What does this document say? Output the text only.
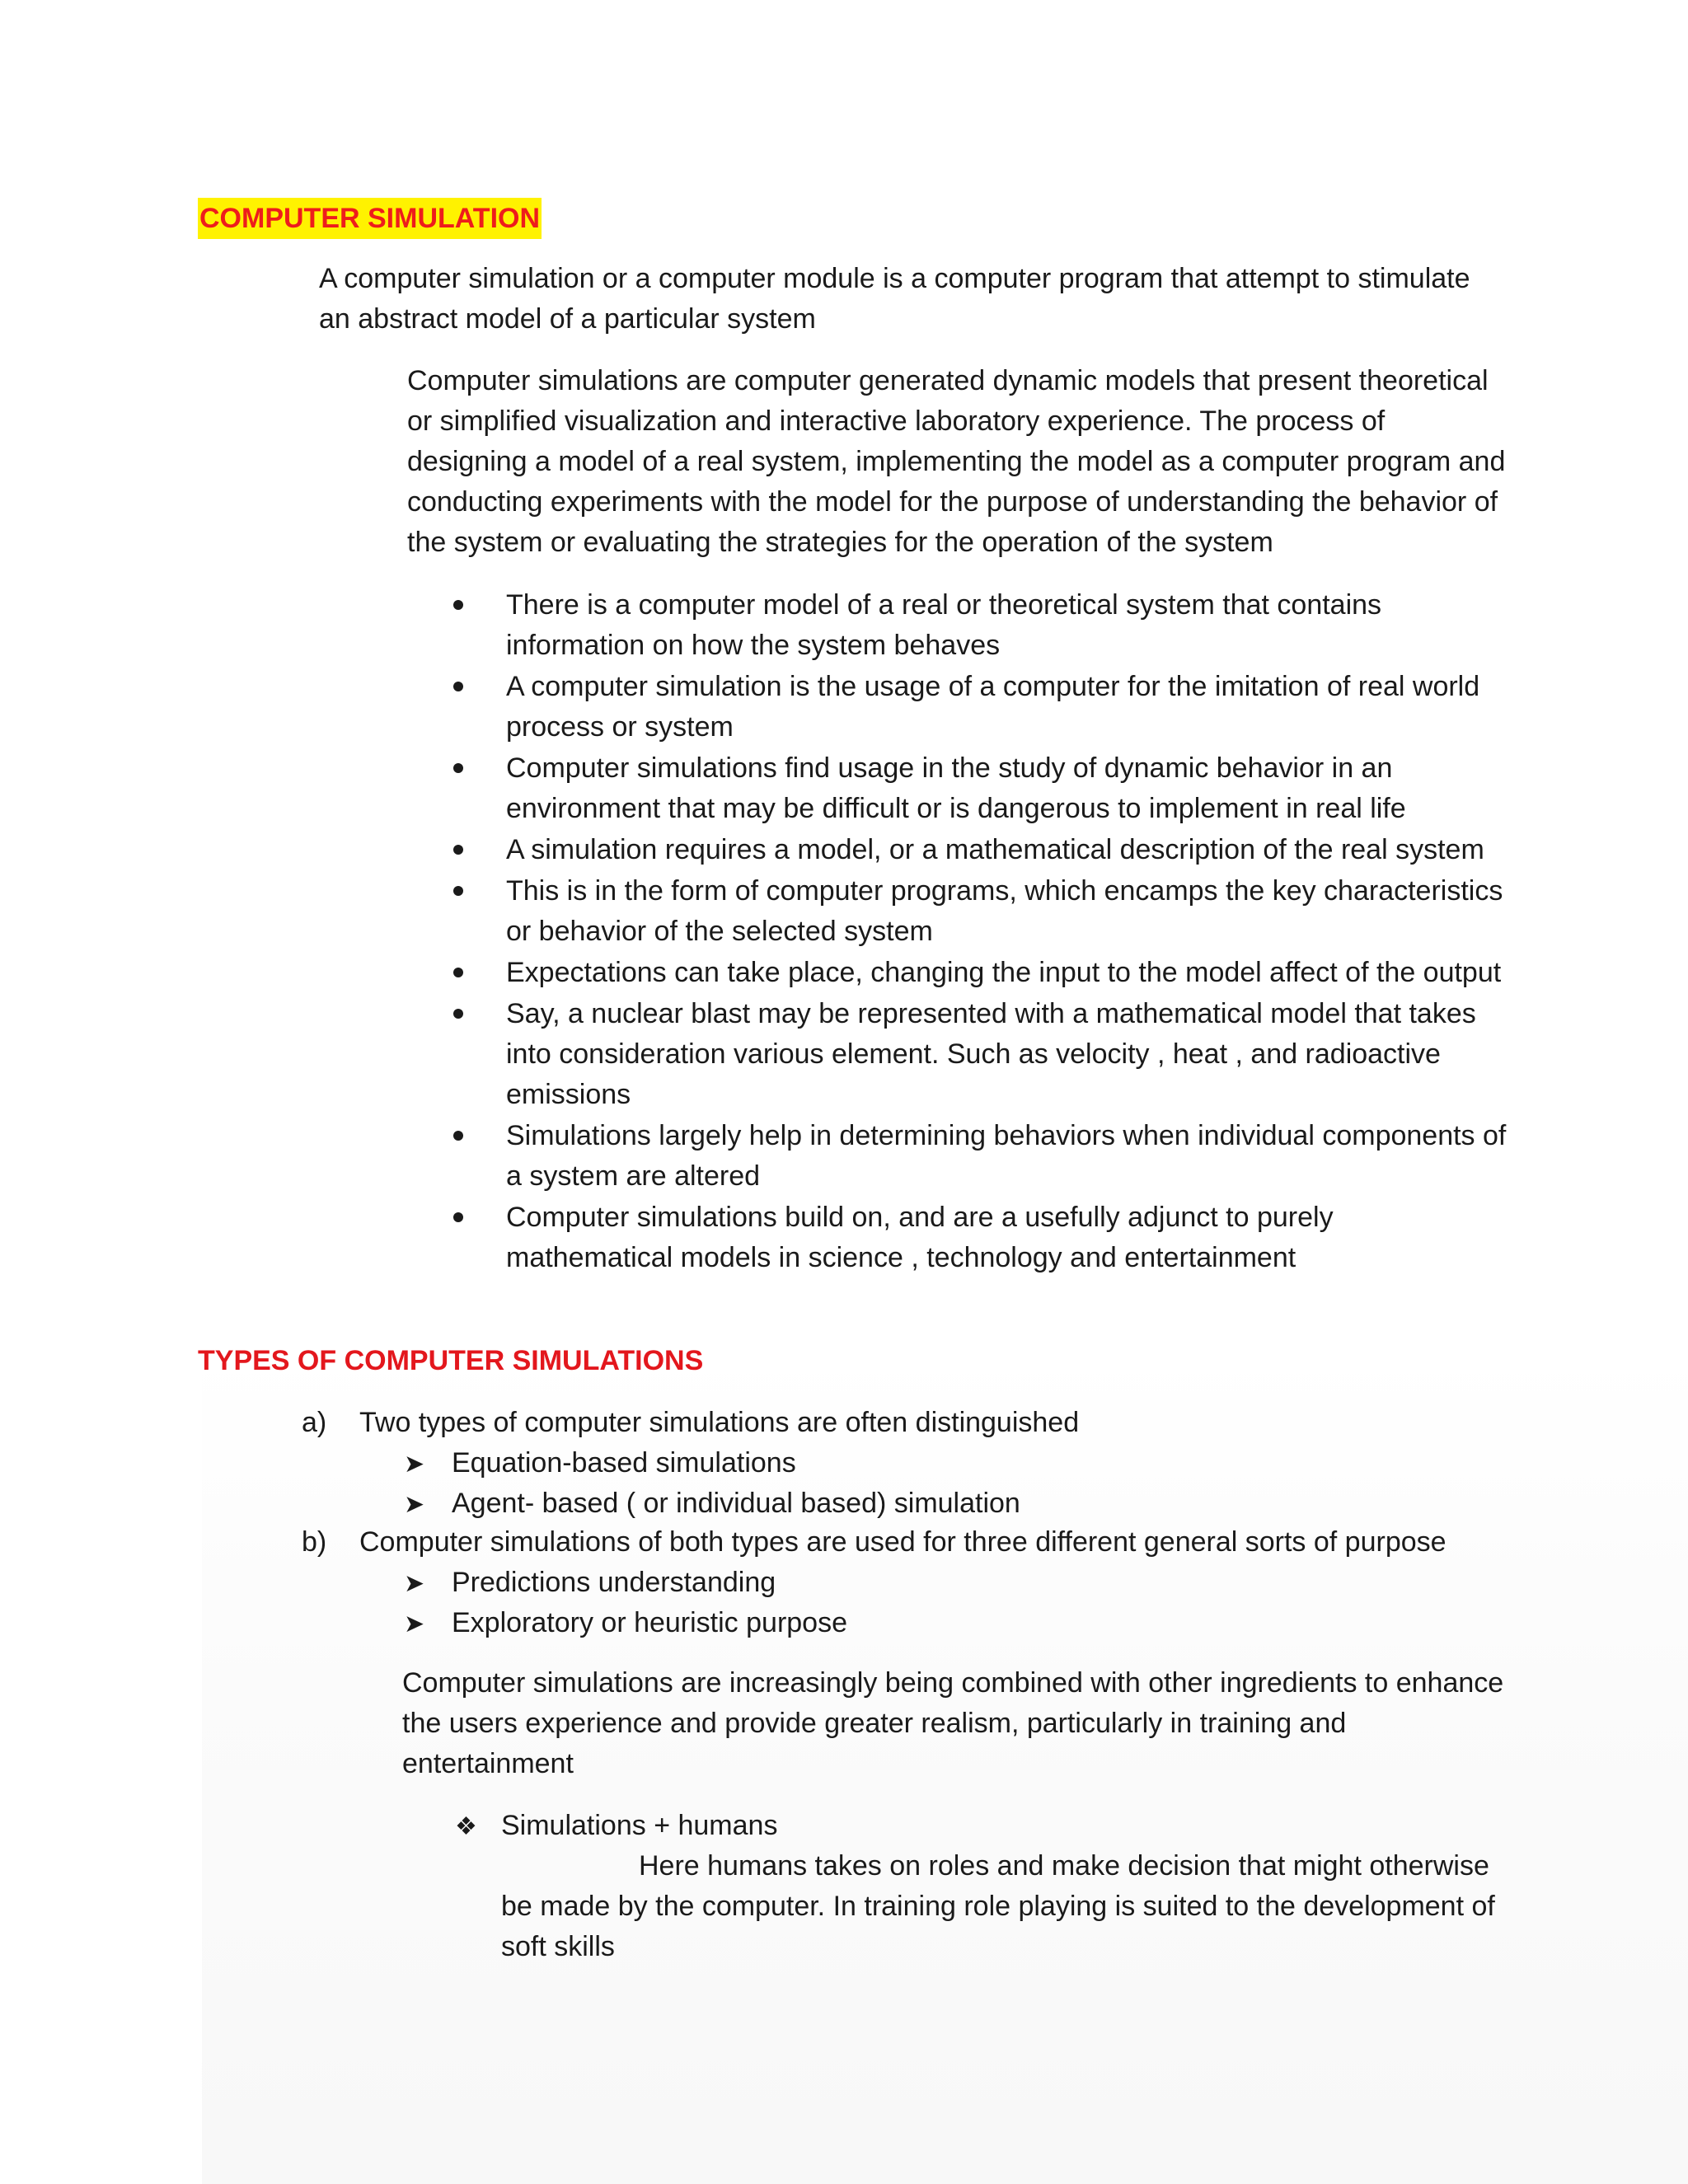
COMPUTER SIMULATION

A computer simulation or a computer module is a computer program that attempt to stimulate an abstract model of a particular system

Computer simulations are computer generated dynamic models that present theoretical or simplified visualization and interactive laboratory experience. The process of designing a model of a real system, implementing the model as a computer program and conducting experiments with the model for the purpose of understanding the behavior of the system or evaluating the strategies for the operation of the system

There is a computer model of a real or theoretical system that contains information on how the system behaves
A computer simulation is the usage of a computer for the imitation of real world process or system
Computer simulations find usage in the study of dynamic behavior in an environment that may be difficult or is dangerous to implement in real life
A simulation requires a model, or a mathematical description of the real system
This is in the form of computer programs, which encamps the key characteristics or behavior of the selected system
Expectations can take place, changing the input to the model affect of the output
Say, a nuclear blast may be represented with a mathematical model that takes into consideration various element. Such as velocity , heat , and radioactive emissions
Simulations largely help in determining behaviors when individual components of a system are altered
Computer simulations build on, and are a usefully adjunct to purely mathematical models in science , technology and entertainment
TYPES OF COMPUTER SIMULATIONS
a) Two types of computer simulations are often distinguished
➤ Equation-based simulations
➤ Agent- based ( or individual based) simulation
b) Computer simulations of both types are used for three different general sorts of purpose
➤ Predictions understanding
➤ Exploratory or heuristic purpose

Computer simulations are increasingly being combined with other ingredients to enhance the users experience and provide greater realism, particularly in training and entertainment

❖ Simulations + humans

Here humans takes on roles and make decision that might otherwise be made by the computer. In training role playing is suited to the development of soft skills
